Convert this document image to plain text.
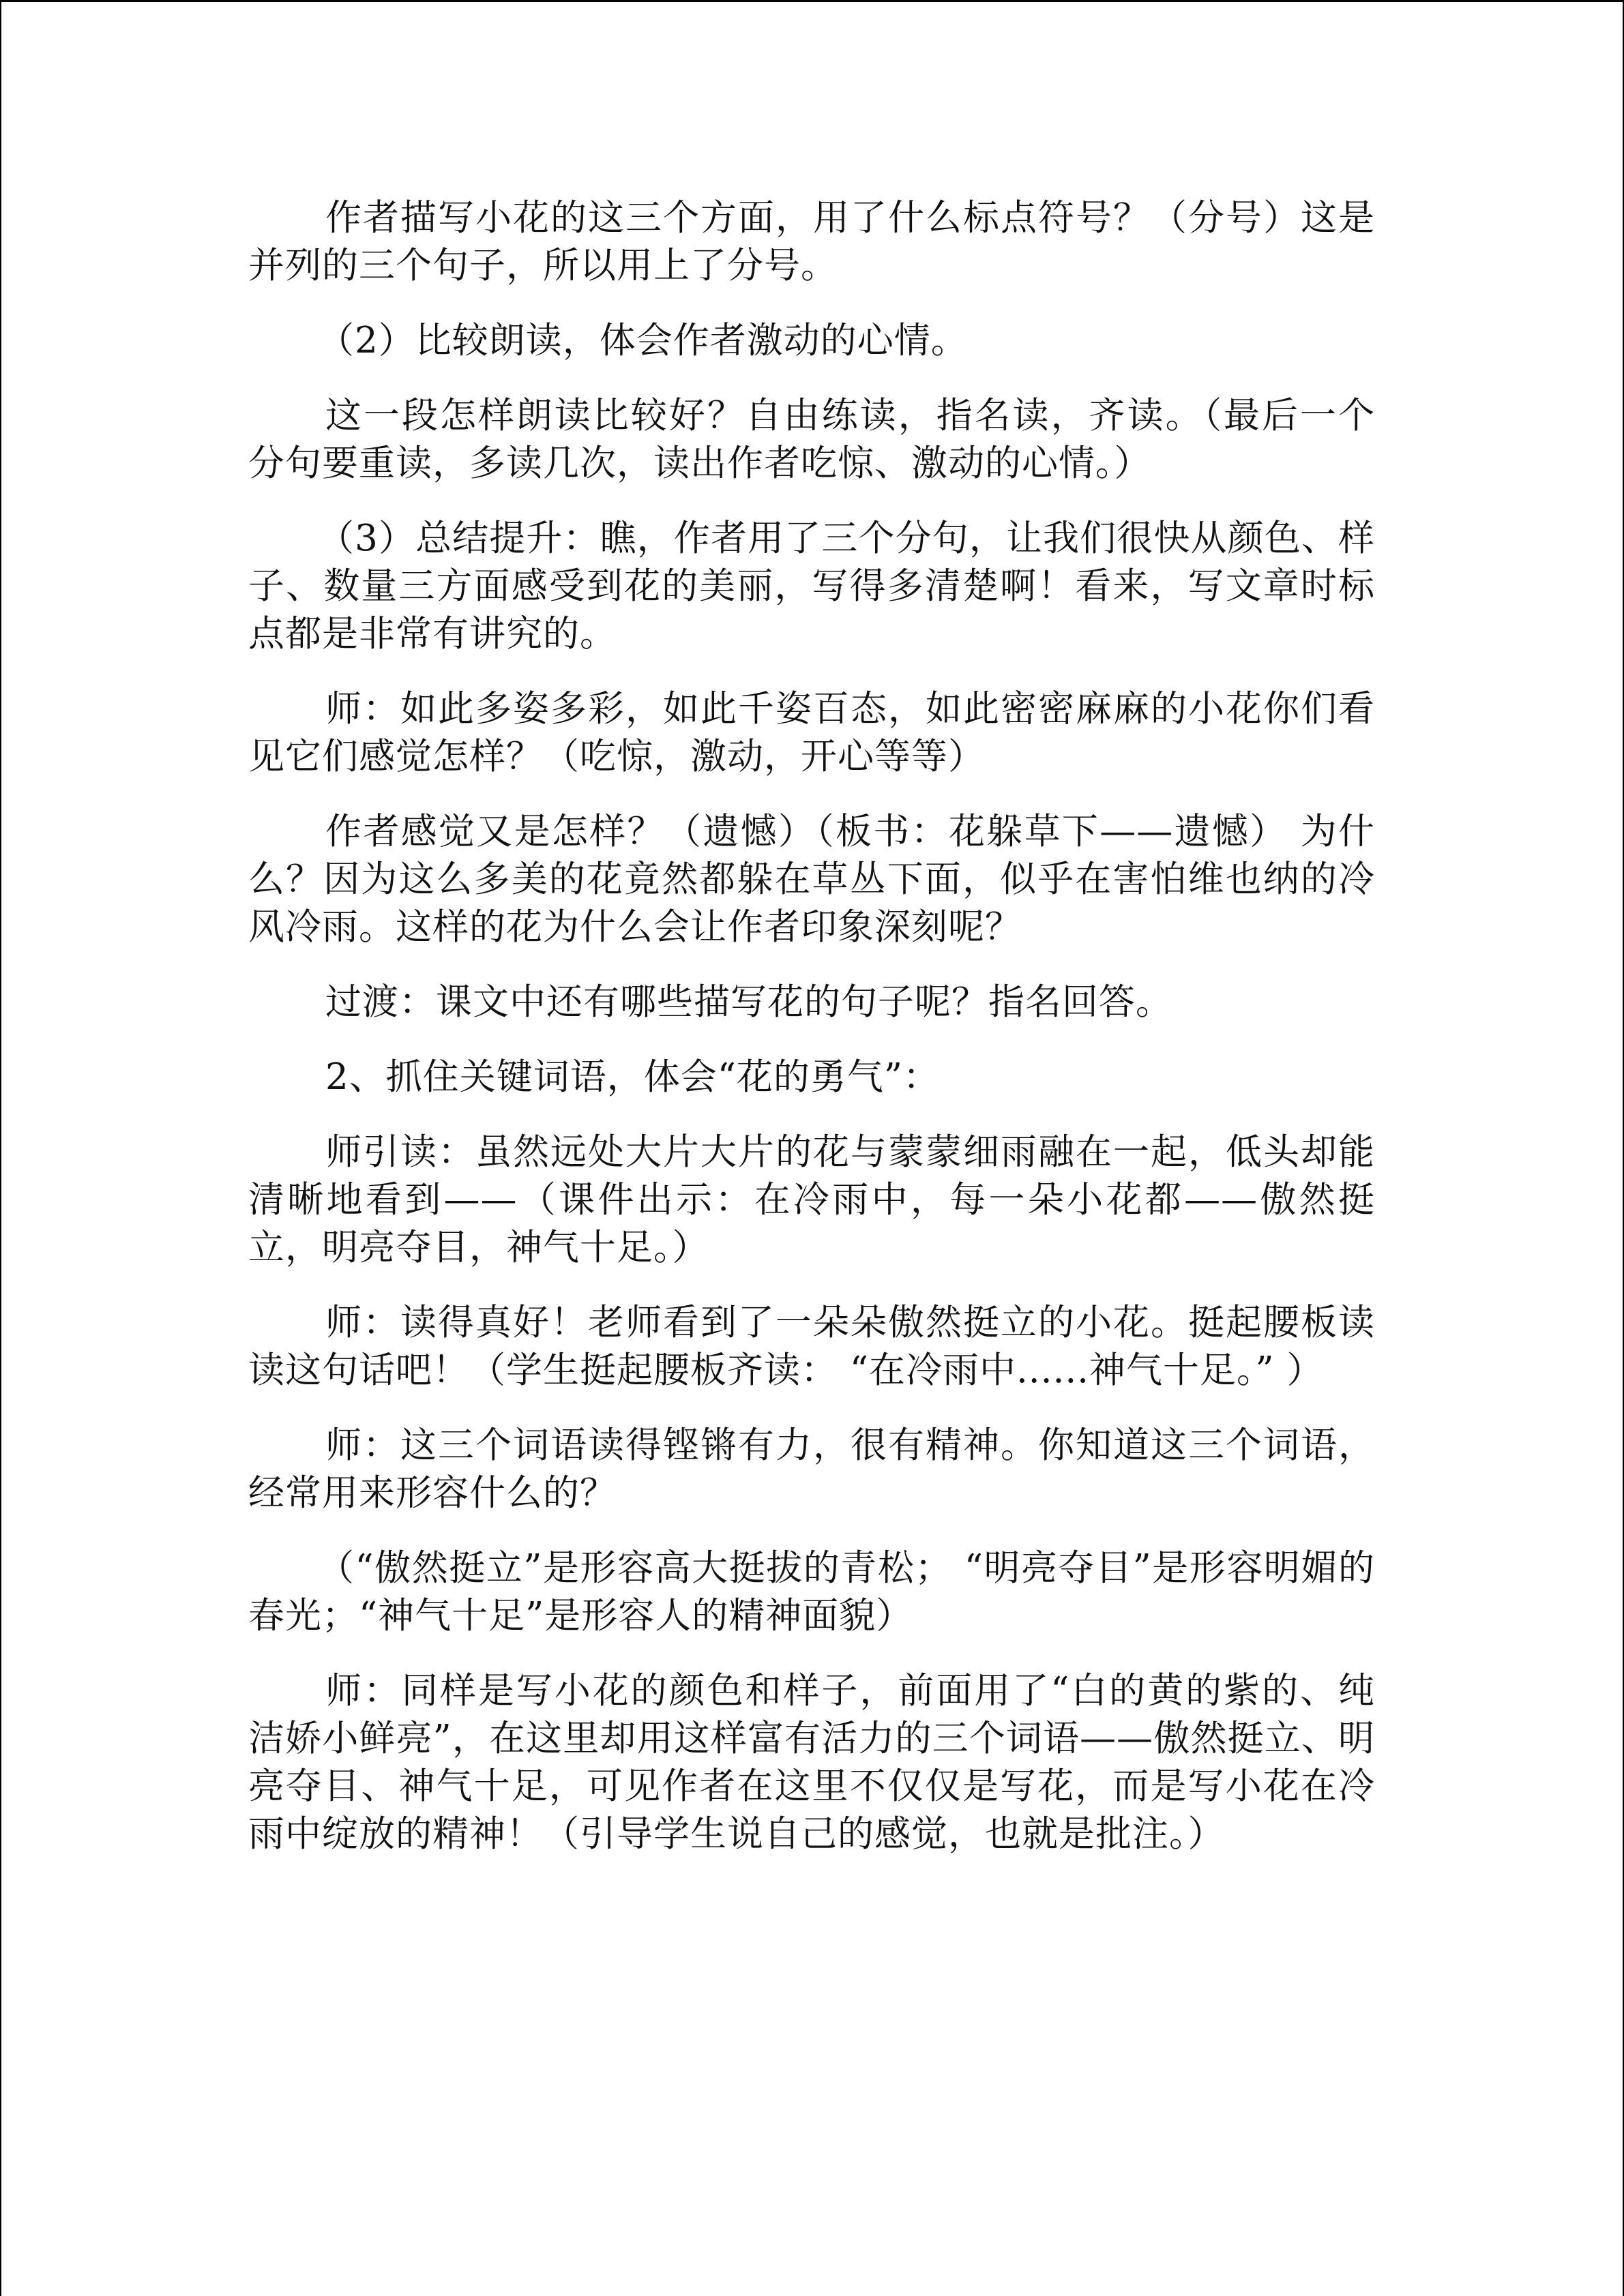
作者描写小花的这三个方面，用了什么标点符号？（分号）这是并列的三个句子，所以用上了分号。

（2）比较朗读，体会作者激动的心情。

这一段怎样朗读比较好？自由练读，指名读，齐读。（最后一个分句要重读，多读几次，读出作者吃惊、激动的心情。）

（3）总结提升：瞧，作者用了三个分句，让我们很快从颜色、样子、数量三方面感受到花的美丽，写得多清楚啊！看来，写文章时标点都是非常有讲究的。

师：如此多姿多彩，如此千姿百态，如此密密麻麻的小花你们看见它们感觉怎样？（吃惊，激动，开心等等）

作者感觉又是怎样？（遗憾）（板书：花躲草下——遗憾） 为什么？因为这么多美的花竟然都躲在草丛下面，似乎在害怕维也纳的冷风冷雨。这样的花为什么会让作者印象深刻呢？

过渡：课文中还有哪些描写花的句子呢？指名回答。

2、抓住关键词语，体会“花的勇气”：

师引读：虽然远处大片大片的花与蒙蒙细雨融在一起，低头却能清晰地看到——（课件出示：在冷雨中，每一朵小花都——傲然挺立，明亮夺目，神气十足。）

师：读得真好！老师看到了一朵朵傲然挺立的小花。挺起腰板读读这句话吧！（学生挺起腰板齐读： “在冷雨中......神气十足。” ）

师：这三个词语读得铿锵有力，很有精神。你知道这三个词语，经常用来形容什么的？

（“傲然挺立”是形容高大挺拔的青松； “明亮夺目”是形容明媚的春光；“神气十足”是形容人的精神面貌）

师：同样是写小花的颜色和样子，前面用了“白的黄的紫的、纯洁娇小鲜亮”，在这里却用这样富有活力的三个词语——傲然挺立、明亮夺目、神气十足，可见作者在这里不仅仅是写花，而是写小花在冷雨中绽放的精神！（引导学生说自己的感觉，也就是批注。）
